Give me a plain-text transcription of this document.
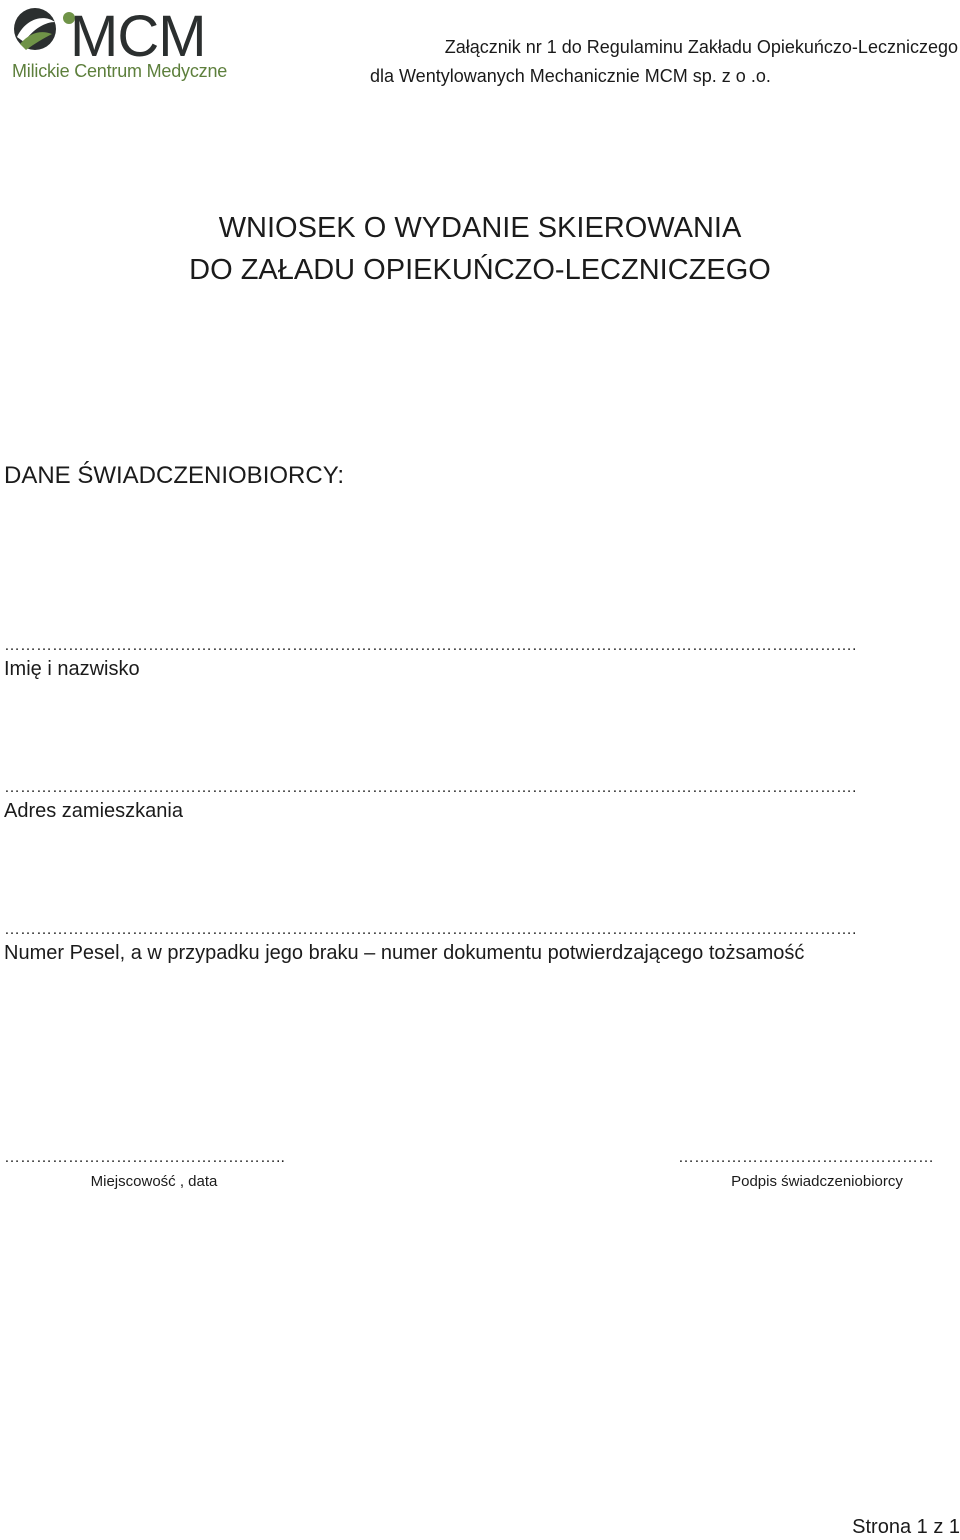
MCM
Milickie Centrum Medyczne
Załącznik nr 1 do Regulaminu Zakładu Opiekuńczo-Leczniczego
dla Wentylowanych Mechanicznie MCM sp. z o .o.
WNIOSEK O WYDANIE SKIEROWANIA
DO ZAŁADU OPIEKUŃCZO-LECZNICZEGO
DANE ŚWIADCZENIOBIORCY:
…………………………………………………………………………………………………………………………………………….
Imię i nazwisko
…………………………………………………………………………………………………………………………………………….
Adres zamieszkania
…………………………………………………………………………………………………………………………………………….
Numer Pesel, a w przypadku jego braku – numer dokumentu potwierdzającego tożsamość
……………………………………………..
Miejscowość , data
…………………………………………
Podpis świadczeniobiorcy
Strona 1 z 1
